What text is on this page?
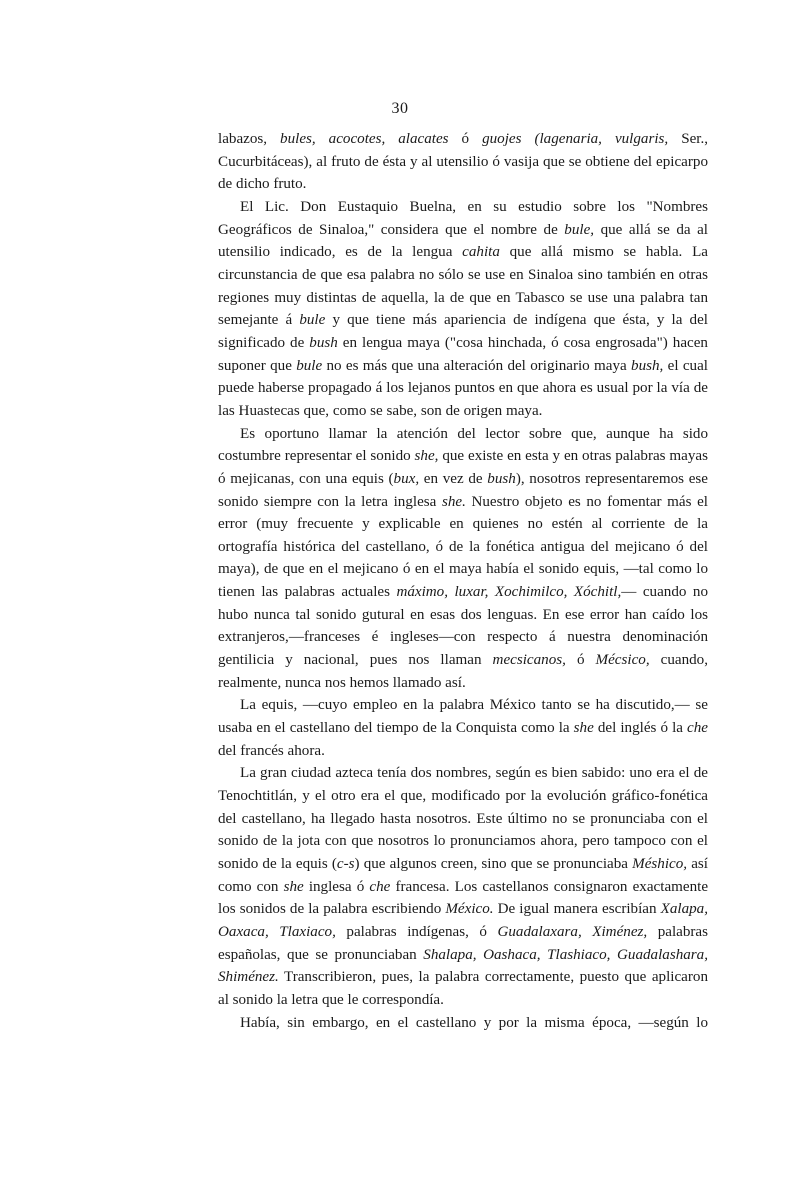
30

labazos, bules, acocotes, alacates ó guojes (lagenaria, vulgaris, Ser., Cucurbitáceas), al fruto de ésta y al utensilio ó vasija que se obtiene del epicarpo de dicho fruto.

El Lic. Don Eustaquio Buelna, en su estudio sobre los "Nombres Geográficos de Sinaloa," considera que el nombre de bule, que allá se da al utensilio indicado, es de la lengua cahita que allá mismo se habla. La circunstancia de que esa palabra no sólo se use en Sinaloa sino también en otras regiones muy distintas de aquella, la de que en Tabasco se use una palabra tan semejante á bule y que tiene más apariencia de indígena que ésta, y la del significado de bush en lengua maya ("cosa hinchada, ó cosa engrosada") hacen suponer que bule no es más que una alteración del originario maya bush, el cual puede haberse propagado á los lejanos puntos en que ahora es usual por la vía de las Huastecas que, como se sabe, son de origen maya.

Es oportuno llamar la atención del lector sobre que, aunque ha sido costumbre representar el sonido she, que existe en esta y en otras palabras mayas ó mejicanas, con una equis (bux, en vez de bush), nosotros representaremos ese sonido siempre con la letra inglesa she. Nuestro objeto es no fomentar más el error (muy frecuente y explicable en quienes no estén al corriente de la ortografía histórica del castellano, ó de la fonética antigua del mejicano ó del maya), de que en el mejicano ó en el maya había el sonido equis, —tal como lo tienen las palabras actuales máximo, luxar, Xochimilco, Xóchitl,— cuando no hubo nunca tal sonido gutural en esas dos lenguas. En ese error han caído los extranjeros,—franceses é ingleses—con respecto á nuestra denominación gentilicia y nacional, pues nos llaman mecsicanos, ó Mécsico, cuando, realmente, nunca nos hemos llamado así.

La equis, —cuyo empleo en la palabra México tanto se ha discutido,— se usaba en el castellano del tiempo de la Conquista como la she del inglés ó la che del francés ahora.

La gran ciudad azteca tenía dos nombres, según es bien sabido: uno era el de Tenochtitlán, y el otro era el que, modificado por la evolución gráfico-fonética del castellano, ha llegado hasta nosotros. Este último no se pronunciaba con el sonido de la jota con que nosotros lo pronunciamos ahora, pero tampoco con el sonido de la equis (c-s) que algunos creen, sino que se pronunciaba Méshico, así como con she inglesa ó che francesa. Los castellanos consignaron exactamente los sonidos de la palabra escribiendo México. De igual manera escribían Xalapa, Oaxaca, Tlaxiaco, palabras indígenas, ó Guadalaxara, Ximénez, palabras españolas, que se pronunciaban Shalapa, Oashaca, Tlashiaco, Guadalashara, Shiménez. Transcribieron, pues, la palabra correctamente, puesto que aplicaron al sonido la letra que le correspondía.

Había, sin embargo, en el castellano y por la misma época, —según lo
